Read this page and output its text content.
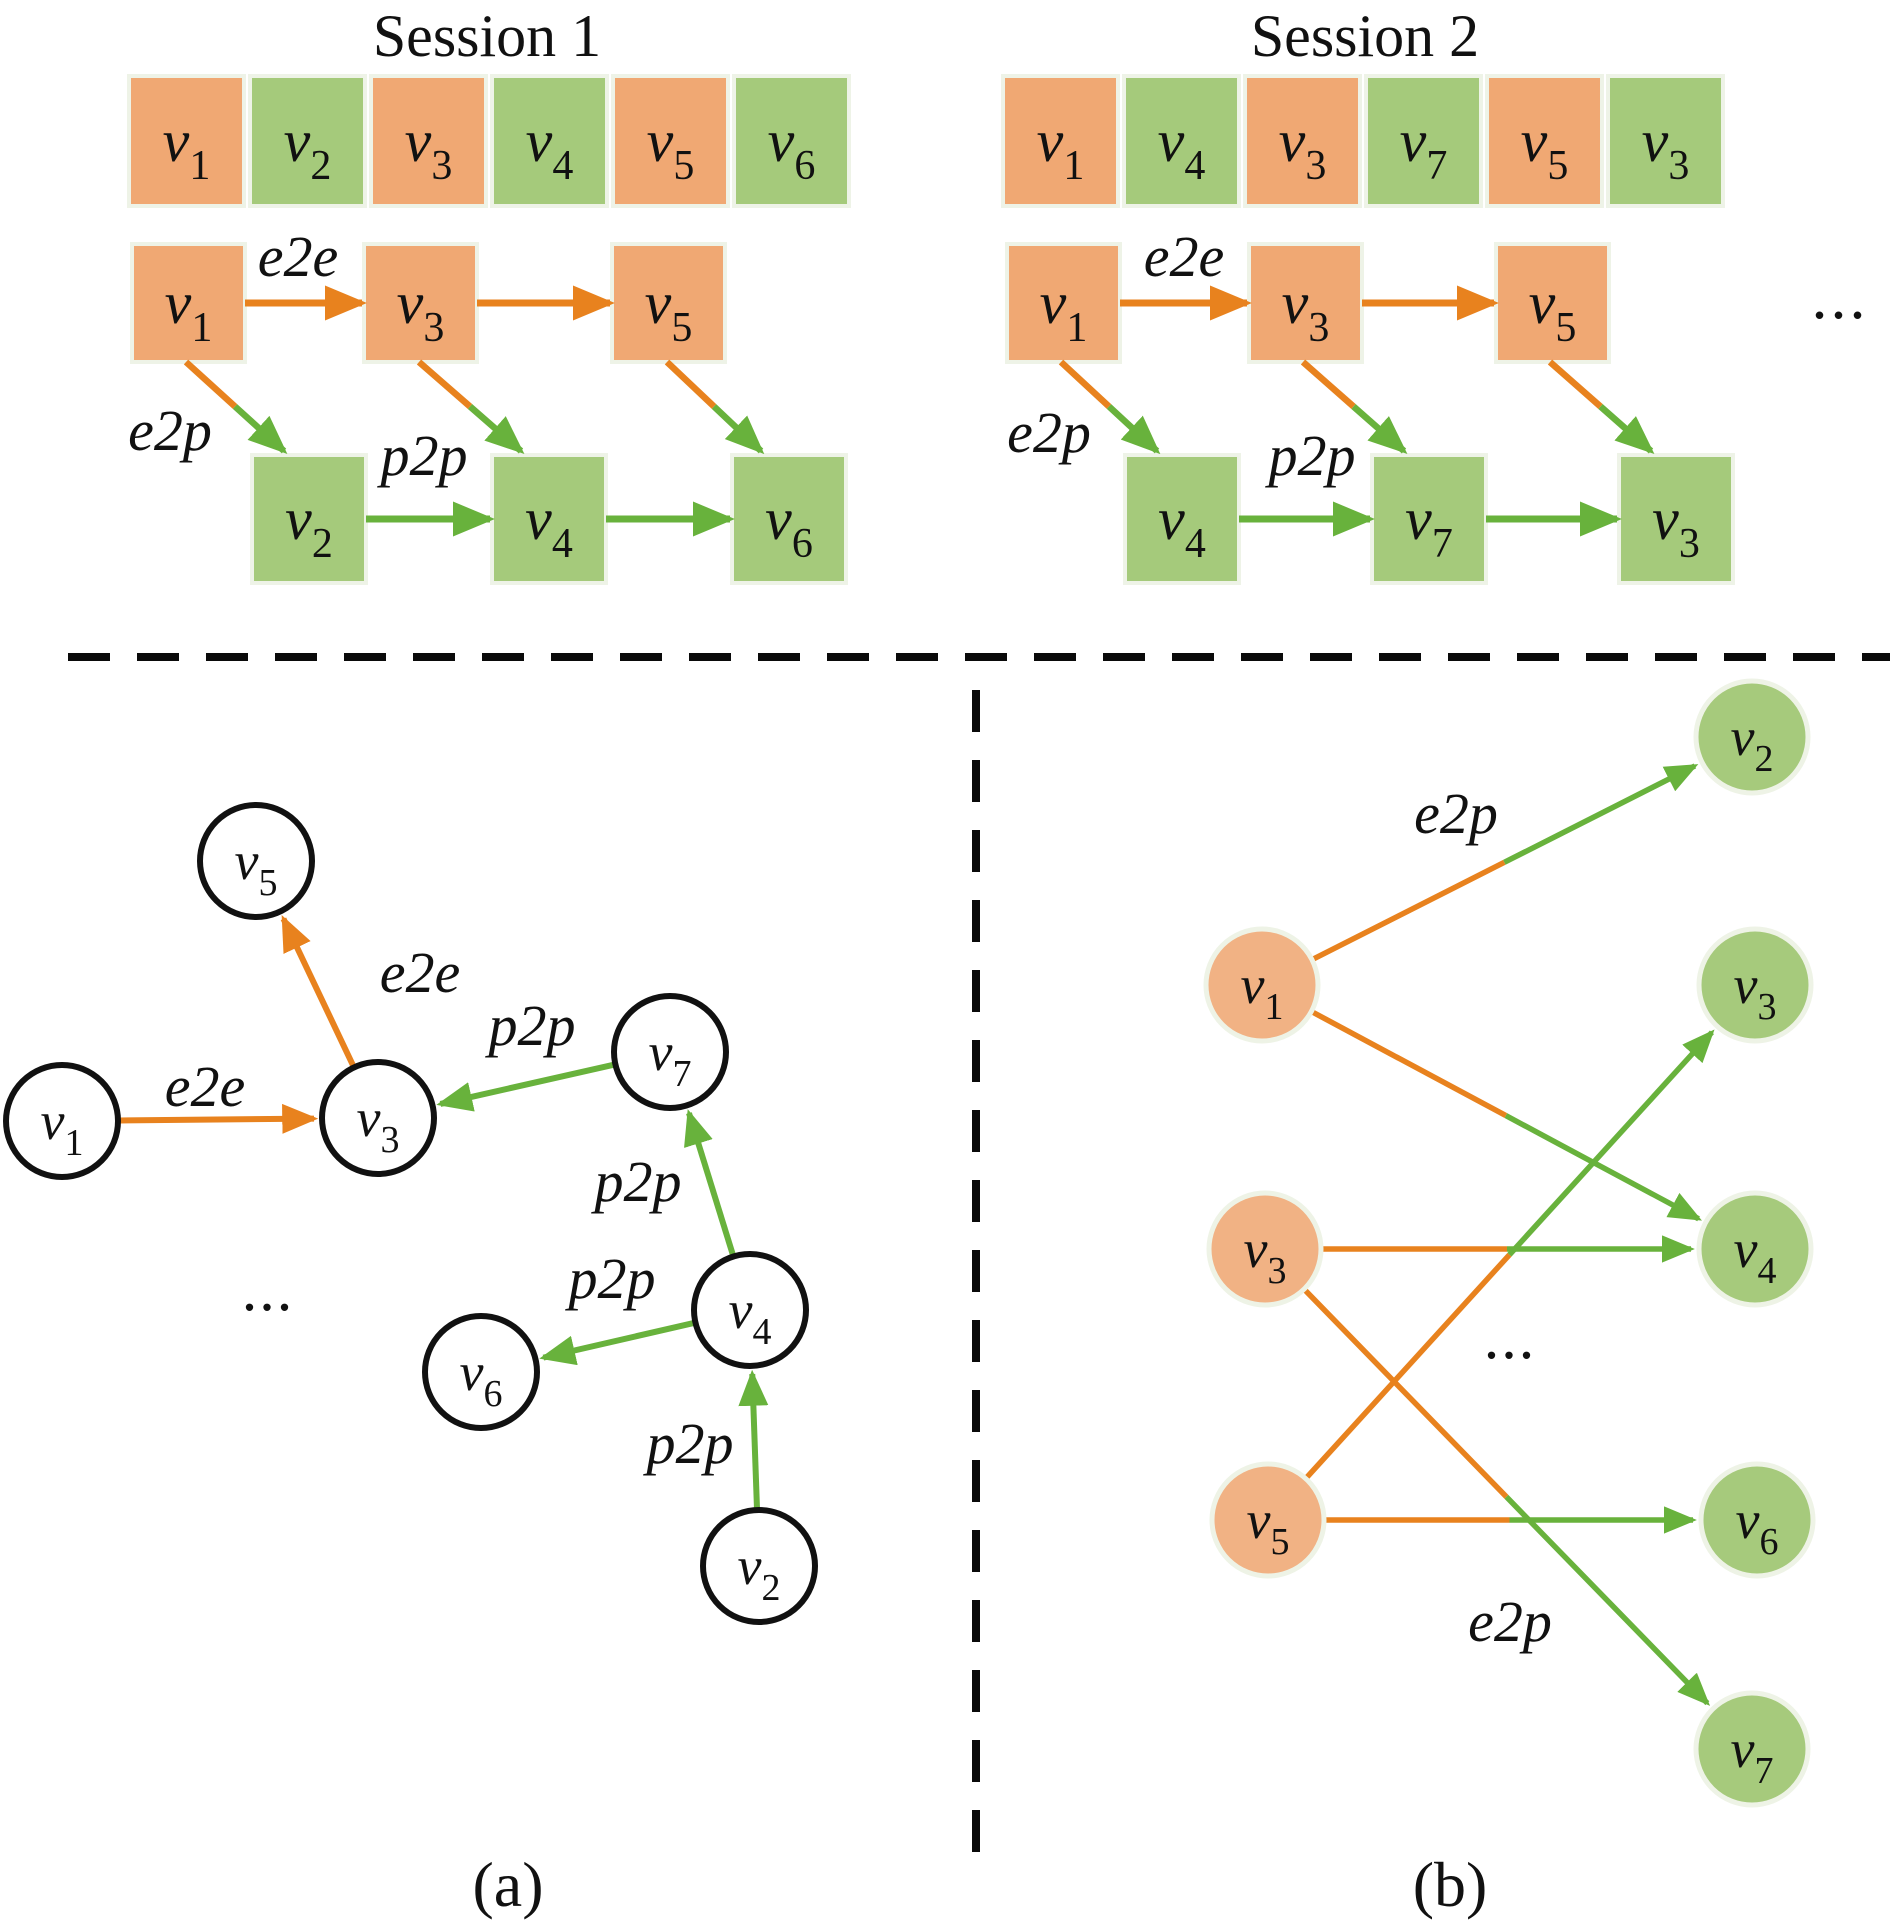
Session 1
$v_1$ $v_2$ $v_3$ $v_4$ $v_5$ $v_6$
$v_1$	$v_3$	$v_5$
$v_2$	$v_4$	$v_6$
e2e
e2p	p2p
Session 2
$v_1$ $v_4$ $v_3$ $v_7$ $v_5$ $v_3$
$v_1$	$v_3$	$v_5$
$v_4$	$v_7$	$v_3$
e2e
e2p	p2p
...
$v_5$
$v_7$
$v_1$	$v_3$
$v_4$
$v_6$
$v_2$
e2e
e2e
p2p
p2p
p2p
p2p
...
(a)
$v_1$
$v_3$
$v_5$
$v_2$
$v_3$
$v_4$
$v_6$
$v_7$
e2p
e2p
...
(b)
